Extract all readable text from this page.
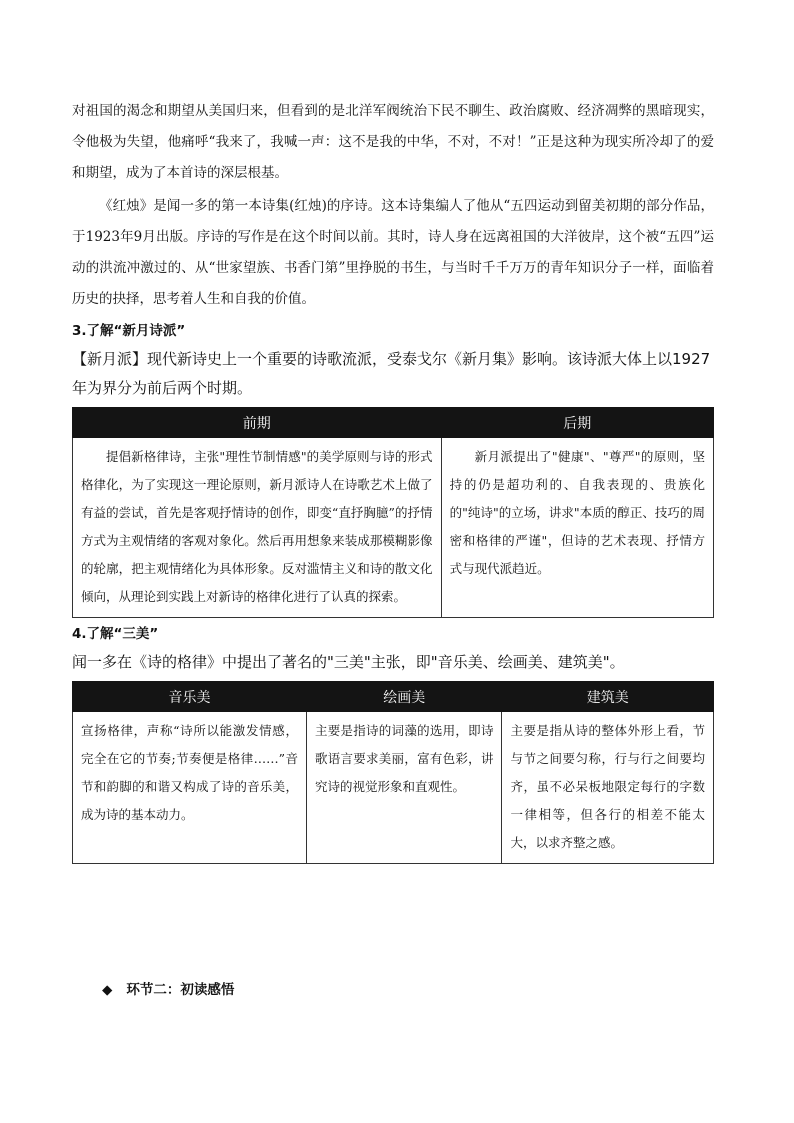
对祖国的渴念和期望从美国归来，但看到的是北洋军阀统治下民不聊生、政治腐败、经济凋弊的黑暗现实，令他极为失望，他痛呼“我来了，我喊一声：这不是我的中华，不对，不对！”正是这种为现实所冷却了的爱和期望，成为了本首诗的深层根基。

《红烛》是闻一多的第一本诗集(红烛)的序诗。这本诗集编人了他从“五四运动到留美初期的部分作品，于1923年9月出版。序诗的写作是在这个时间以前。其时，诗人身在远离祖国的大洋彼岸，这个被“五四”运动的洪流冲激过的、从“世家望族、书香门第”里挣脱的书生，与当时千千万万的青年知识分子一样，面临着历史的抉择，思考着人生和自我的价值。

3.了解“新月诗派”

【新月派】现代新诗史上一个重要的诗歌流派，受泰戈尔《新月集》影响。该诗派大体上以1927年为界分为前后两个时期。

前期	后期
提倡新格律诗，主张"理性节制情感"的美学原则与诗的形式格律化，为了实现这一理论原则，新月派诗人在诗歌艺术上做了有益的尝试，首先是客观抒情诗的创作，即变“直抒胸臆”的抒情方式为主观情绪的客观对象化。然后再用想象来装成那模糊影像的轮廓，把主观情绪化为具体形象。反对滥情主义和诗的散文化倾向，从理论到实践上对新诗的格律化进行了认真的探索。	新月派提出了"健康"、"尊严"的原则，坚持的仍是超功利的、自我表现的、贵族化的"纯诗"的立场，讲求"本质的醇正、技巧的周密和格律的严谨"，但诗的艺术表现、抒情方式与现代派趋近。

4.了解“三美”

闻一多在《诗的格律》中提出了著名的"三美"主张，即"音乐美、绘画美、建筑美"。

音乐美	绘画美	建筑美
宣扬格律，声称“诗所以能激发情感，完全在它的节奏;节奏便是格律……”音节和韵脚的和谐又构成了诗的音乐美，成为诗的基本动力。	主要是指诗的词藻的选用，即诗歌语言要求美丽，富有色彩，讲究诗的视觉形象和直观性。	主要是指从诗的整体外形上看，节与节之间要匀称，行与行之间要均齐，虽不必呆板地限定每行的字数一律相等，但各行的相差不能太大，以求齐整之感。
◆ 环节二：初读感悟
